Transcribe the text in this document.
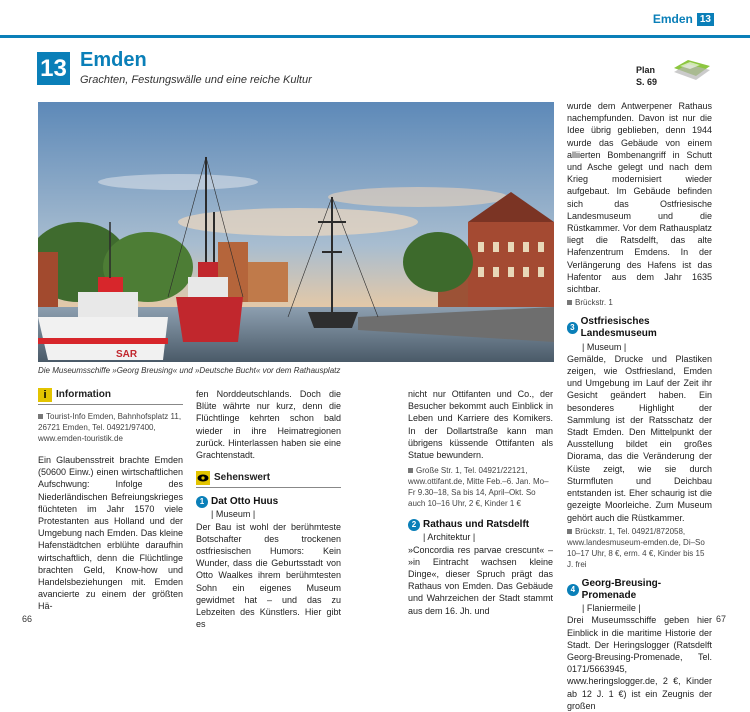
Emden 13
13 Emden
Grachten, Festungswälle und eine reiche Kultur
Plan
S. 69
SAR
Die Museumsschiffe »Georg Breusing« und »Deutsche Bucht« vor dem Rathausplatz
i Information
Tourist-Info Emden, Bahnhofsplatz 11, 26721 Emden, Tel. 04921/97400, www.emden-touristik.de

Ein Glaubensstreit brachte Emden (50600 Einw.) einen wirtschaftlichen Aufschwung: Infolge des Niederländischen Befreiungskrieges flüchteten im Jahr 1570 viele Protestanten aus Holland und der Umgebung nach Emden. Das kleine Hafenstädtchen erblühte daraufhin wirtschaftlich, denn die Flüchtlinge brachten Geld, Know-how und Handelsbeziehungen mit. Emden avancierte zu einem der größten Hä-

fen Norddeutschlands. Doch die Blüte währte nur kurz, denn die Flüchtlinge kehrten schon bald wieder in ihre Heimatregionen zurück. Hinterlassen haben sie eine Grachtenstadt.

Sehenswert
1 Dat Otto Huus
| Museum |

Der Bau ist wohl der berühmteste Botschafter des trockenen ostfriesischen Humors: Kein Wunder, dass die Geburtsstadt von Otto Waalkes ihrem berühmtesten Sohn ein eigenes Museum gewidmet hat – und das zu Lebzeiten des Künstlers. Hier gibt es

nicht nur Ottifanten und Co., der Besucher bekommt auch Einblick in Leben und Karriere des Komikers. In der Dollartstraße kann man übrigens küssende Ottifanten als Statue bewundern.

Große Str. 1, Tel. 04921/22121, www.ottifant.de, Mitte Feb.–6. Jan. Mo–Fr 9.30–18, Sa bis 14, April–Okt. So auch 10–16 Uhr, 2 €, Kinder 1 €
2 Rathaus und Ratsdelft
| Architektur |

»Concordia res parvae crescunt« – »in Eintracht wachsen kleine Dinge«, dieser Spruch prägt das Rathaus von Emden. Das Gebäude und Wahrzeichen der Stadt stammt aus dem 16. Jh. und

wurde dem Antwerpener Rathaus nachempfunden. Davon ist nur die Idee übrig geblieben, denn 1944 wurde das Gebäude von einem alliierten Bombenangriff in Schutt und Asche gelegt und nach dem Krieg modernisiert wieder aufgebaut. Im Gebäude befinden sich das Ostfriesische Landesmuseum und die Rüstkammer. Vor dem Rathausplatz liegt die Ratsdelft, das alte Hafenzentrum Emdens. In der Verlängerung des Hafens ist das Hafentor aus dem Jahr 1635 sichtbar.

Brückstr. 1
3
Ostfriesisches Landesmuseum
| Museum |

Gemälde, Drucke und Plastiken zeigen, wie Ostfriesland, Emden und Umgebung im Lauf der Zeit ihr Gesicht geändert haben. Ein besonderes Highlight der Sammlung ist der Ratsschatz der Stadt Emden. Den Mittelpunkt der Ausstellung bildet ein großes Diorama, das die Veränderung der Küste zeigt, wie sie durch Sturmfluten und Deichbau entstanden ist. Eher schaurig ist die gezeigte Moorleiche. Zum Museum gehört auch die Rüstkammer.

Brückstr. 1, Tel. 04921/872058, www.landesmuseum-emden.de, Di–So 10–17 Uhr, 8 €, erm. 4 €, Kinder bis 15 J. frei
4
Georg-Breusing-Promenade
| Flaniermeile |

Drei Museumsschiffe geben hier Einblick in die maritime Historie der Stadt. Der Heringslogger (Ratsdelft Georg-Breusing-Promenade, Tel. 0171/5663945, www.heringslogger.de, 2 €, Kinder ab 12 J. 1 €) ist ein Zeugnis der großen

66	67
